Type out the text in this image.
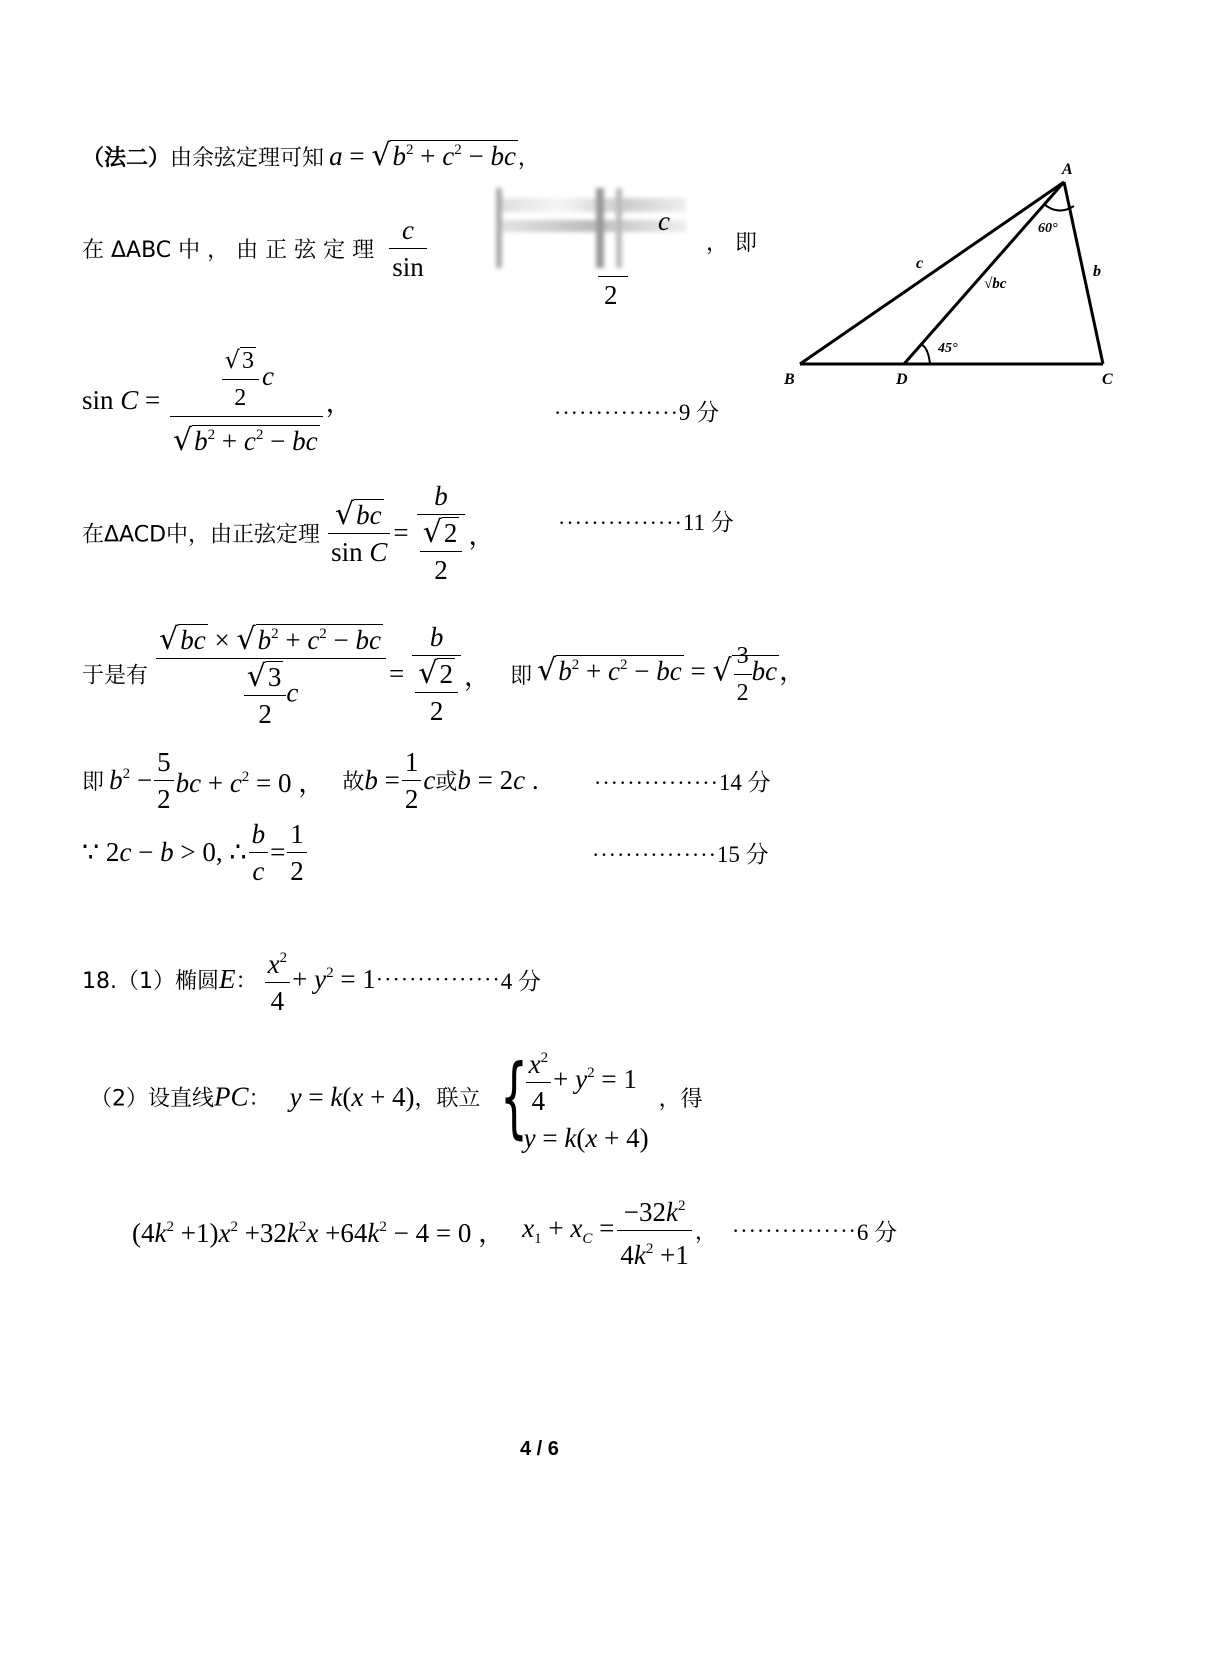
（法二）由余弦定理可知 $a = √b^2 + c^2$ − bc，
在 ΔABC 中 ， 由 正 弦 定 理 $\frac{c}{\sin}$	c
2
， 即
$\sin C = \frac{\frac{√3}{2} c}{√b^2 + c^2 - bc}$ ，	···············9 分
在ΔACD中，由正弦定理 $\frac{√bc}{\text{sin C}} = \frac{b}{\frac{√2}{2}}$ ，	···············11 分
于是有 $\frac{√bc \times √b^2 + c^2 - bc}{\frac{√3}{2} c} = \frac{b}{\frac{√2}{2}}$ ， 即 $√b^2 + c^2$ − bc = √ $\frac{3}{2}$ bc，
即 $b^2 - \frac{5}{2}$ bc + $c^2 = 0$ ， 故$b = \frac{1}{2}$ c或b = 2c .	···············14 分
∵ 2c − b > 0, ∴ $\frac{b}{c} = \frac{1}{2}$	···············15 分
18.（1）椭圆E： $\frac{x^2}{4} + y^2 = 1\cdot\cdot\cdot\cdot\cdot\cdot\cdot\cdot\cdot\cdot\cdot\cdot\cdot\cdot\cdot 4$ 分
（2）设直线PC： y = k(x + 4)，联立 {
$\frac{x^2}{4} + y^2 = 1$
y = k(x + 4)
，得
$(4k^2 +1)x^2 +32k^2x +64k^2 - 4 = 0$ ， $x_1 + x_C = \frac{-32k^2}{4k^2 +1}$ ， ···············6 分
4 / 6
A
B	C
D
c	b
√bc
60°
45°
